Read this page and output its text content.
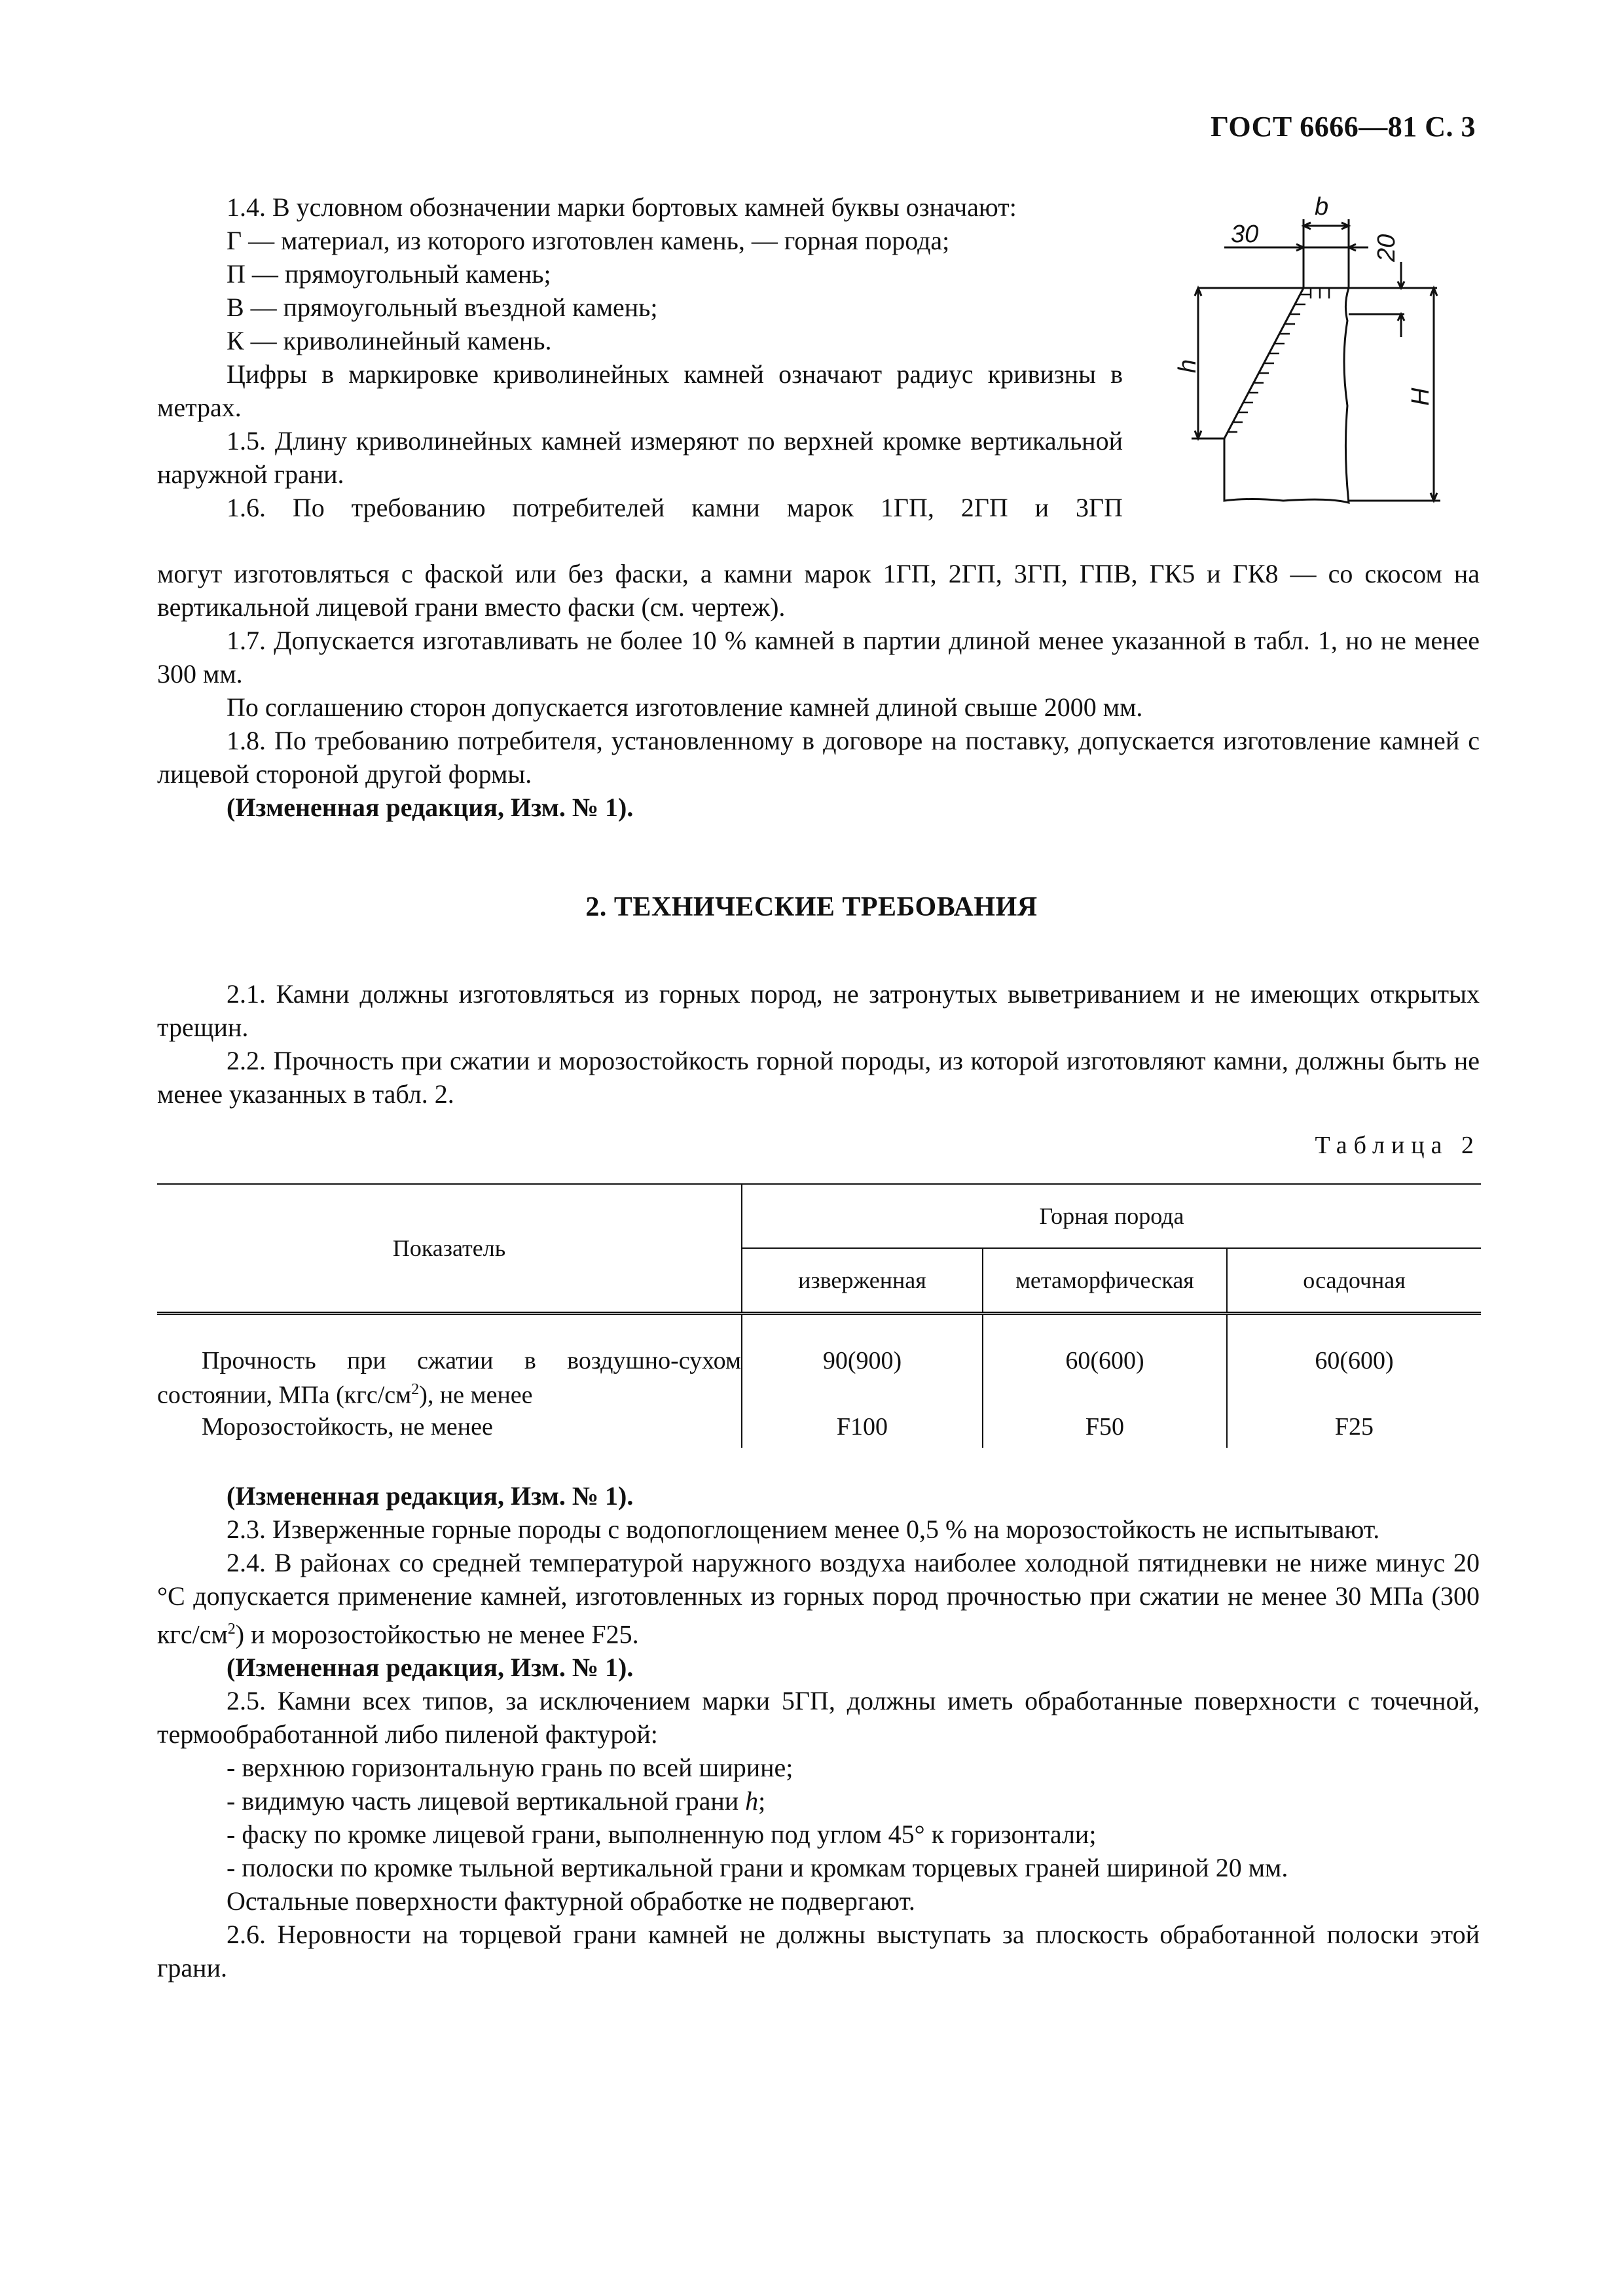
ГОСТ 6666—81 С. 3

1.4. В условном обозначении марки бортовых камней буквы означают:

Г — материал, из которого изготовлен камень, — горная порода;

П — прямоугольный камень;

В — прямоугольный въездной камень;

К — криволинейный камень.

Цифры в маркировке криволинейных камней означают радиус кривизны в метрах.

1.5. Длину криволинейных камней измеряют по верхней кромке вертикальной наружной грани.

1.6. По требованию потребителей камни марок 1ГП, 2ГП и 3ГП

могут изготовляться с фаской или без фаски, а камни марок 1ГП, 2ГП, 3ГП, ГПВ, ГК5 и ГК8 — со скосом на вертикальной лицевой грани вместо фаски (см. чертеж).

1.7. Допускается изготавливать не более 10 % камней в партии длиной менее указанной в табл. 1, но не менее 300 мм.

По соглашению сторон допускается изготовление камней длиной свыше 2000 мм.

1.8. По требованию потребителя, установленному в договоре на поставку, допускается изготовление камней с лицевой стороной другой формы.

(Измененная редакция, Изм. № 1).

b
30	20
h
H
2. ТЕХНИЧЕСКИЕ ТРЕБОВАНИЯ

2.1. Камни должны изготовляться из горных пород, не затронутых выветриванием и не имеющих открытых трещин.

2.2. Прочность при сжатии и морозостойкость горной породы, из которой изготовляют камни, должны быть не менее указанных в табл. 2.

Таблица 2
Показатель	Горная порода		
	изверженная	метаморфическая	осадочная

Прочность при сжатии в воздушно-сухом
состоянии, МПа $(кгс/см^2)$, не менее	90(900)	60(600)	60(600)
Морозостойкость, не менее	F100	F50	F25

(Измененная редакция, Изм. № 1).

2.3. Изверженные горные породы с водопоглощением менее 0,5 % на морозостойкость не испытывают.

2.4. В районах со средней температурой наружного воздуха наиболее холодной пятидневки не ниже минус 20 °С допускается применение камней, изготовленных из горных пород прочностью при сжатии не менее 30 МПа (300 кгс/$см^2$) и морозостойкостью не менее F25.

(Измененная редакция, Изм. № 1).

2.5. Камни всех типов, за исключением марки 5ГП, должны иметь обработанные поверхности с точечной, термообработанной либо пиленой фактурой:

- верхнюю горизонтальную грань по всей ширине;

- видимую часть лицевой вертикальной грани h;

- фаску по кромке лицевой грани, выполненную под углом 45° к горизонтали;

- полоски по кромке тыльной вертикальной грани и кромкам торцевых граней шириной 20 мм.

Остальные поверхности фактурной обработке не подвергают.

2.6. Неровности на торцевой грани камней не должны выступать за плоскость обработанной полоски этой грани.
